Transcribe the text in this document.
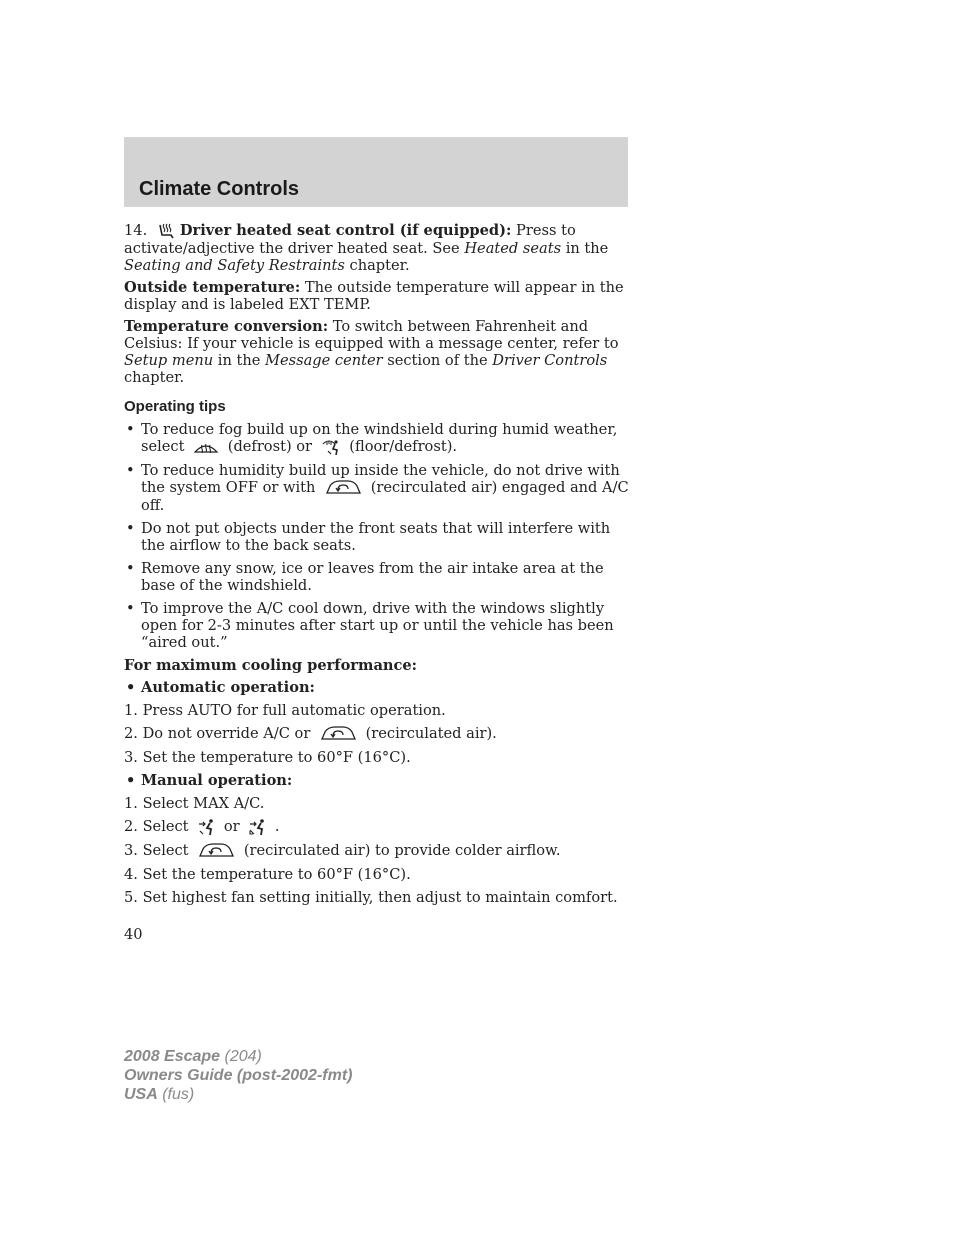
Climate Controls

14. Driver heated seat control (if equipped): Press to activate/adjective the driver heated seat. See Heated seats in the Seating and Safety Restraints chapter.

Outside temperature: The outside temperature will appear in the display and is labeled EXT TEMP.

Temperature conversion: To switch between Fahrenheit and Celsius: If your vehicle is equipped with a message center, refer to Setup menu in the Message center section of the Driver Controls chapter.

Operating tips
• To reduce fog build up on the windshield during humid weather, select
(defrost) or
(floor/defrost).
• To reduce humidity build up inside the vehicle, do not drive with the system OFF or with	(recirculated air) engaged and A/C off.
• Do not put objects under the front seats that will interfere with the airflow to the back seats.
• Remove any snow, ice or leaves from the air intake area at the base of the windshield.
• To improve the A/C cool down, drive with the windows slightly open for 2-3 minutes after start up or until the vehicle has been “aired out.”

For maximum cooling performance:

• Automatic operation:
1. Press AUTO for full automatic operation.
2. Do not override A/C or	(recirculated air).
3. Set the temperature to 60°F (16°C).
• Manual operation:
1. Select MAX A/C.
2. Select
or
.
3. Select	(recirculated air) to provide colder airflow.
4. Set the temperature to 60°F (16°C).
5. Set highest fan setting initially, then adjust to maintain comfort.
40
2008 Escape (204)
Owners Guide (post-2002-fmt)
USA (fus)
